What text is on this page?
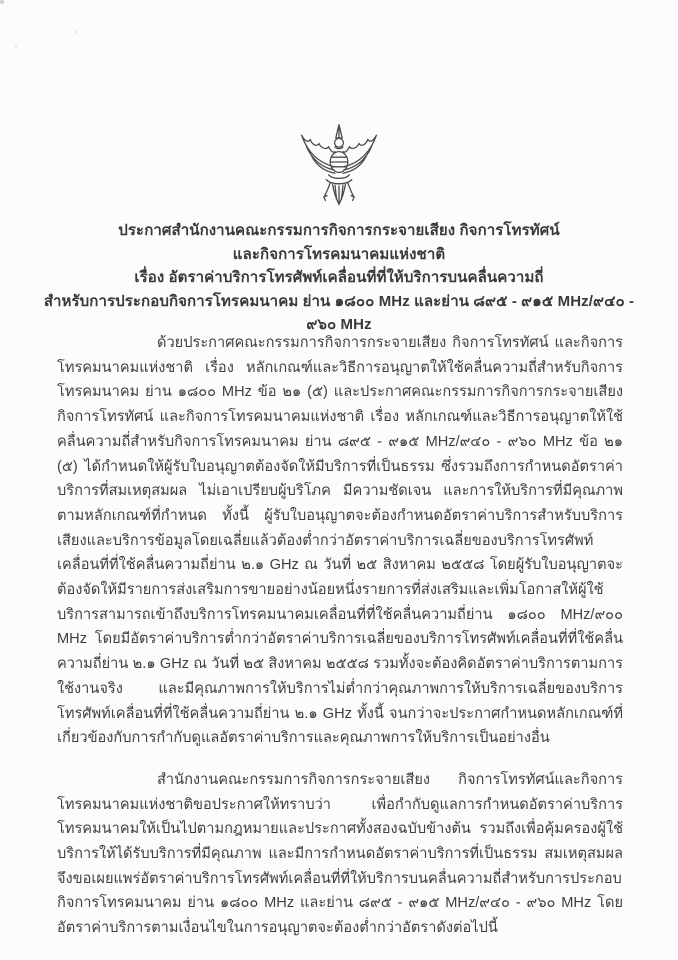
ประกาศสำนักงานคณะกรรมการกิจการกระจายเสียง กิจการโทรทัศน์
และกิจการโทรคมนาคมแห่งชาติ
เรื่อง อัตราค่าบริการโทรศัพท์เคลื่อนที่ที่ให้บริการบนคลื่นความถี่
สำหรับการประกอบกิจการโทรคมนาคม ย่าน ๑๘๐๐ MHz และย่าน ๘๙๕ - ๙๑๕ MHz/๙๔๐ - ๙๖๐ MHz

ด้วยประกาศคณะกรรมการกิจการกระจายเสียง กิจการโทรทัศน์ และกิจการโทรคมนาคมแห่งชาติ เรื่อง หลักเกณฑ์และวิธีการอนุญาตให้ใช้คลื่นความถี่สำหรับกิจการโทรคมนาคม ย่าน ๑๘๐๐ MHz ข้อ ๒๑ (๕) และประกาศคณะกรรมการกิจการกระจายเสียง กิจการโทรทัศน์ และกิจการโทรคมนาคมแห่งชาติ เรื่อง หลักเกณฑ์และวิธีการอนุญาตให้ใช้คลื่นความถี่สำหรับกิจการโทรคมนาคม ย่าน ๘๙๕ - ๙๑๕ MHz/๙๔๐ - ๙๖๐ MHz ข้อ ๒๑ (๕) ได้กำหนดให้ผู้รับใบอนุญาตต้องจัดให้มีบริการที่เป็นธรรม ซึ่งรวมถึงการกำหนดอัตราค่าบริการที่สมเหตุสมผล ไม่เอาเปรียบผู้บริโภค มีความชัดเจน และการให้บริการที่มีคุณภาพตามหลักเกณฑ์ที่กำหนด ทั้งนี้ ผู้รับใบอนุญาตจะต้องกำหนดอัตราค่าบริการสำหรับบริการเสียงและบริการข้อมูลโดยเฉลี่ยแล้วต้องต่ำกว่าอัตราค่าบริการเฉลี่ยของบริการโทรศัพท์เคลื่อนที่ที่ใช้คลื่นความถี่ย่าน ๒.๑ GHz ณ วันที่ ๒๕ สิงหาคม ๒๕๕๘ โดยผู้รับใบอนุญาตจะต้องจัดให้มีรายการส่งเสริมการขายอย่างน้อยหนึ่งรายการที่ส่งเสริมและเพิ่มโอกาสให้ผู้ใช้บริการสามารถเข้าถึงบริการโทรคมนาคมเคลื่อนที่ที่ใช้คลื่นความถี่ย่าน ๑๘๐๐ MHz/๙๐๐ MHz โดยมีอัตราค่าบริการต่ำกว่าอัตราค่าบริการเฉลี่ยของบริการโทรศัพท์เคลื่อนที่ที่ใช้คลื่นความถี่ย่าน ๒.๑ GHz ณ วันที่ ๒๕ สิงหาคม ๒๕๕๘ รวมทั้งจะต้องคิดอัตราค่าบริการตามการใช้งานจริง และมีคุณภาพการให้บริการไม่ต่ำกว่าคุณภาพการให้บริการเฉลี่ยของบริการโทรศัพท์เคลื่อนที่ที่ใช้คลื่นความถี่ย่าน ๒.๑ GHz ทั้งนี้ จนกว่าจะประกาศกำหนดหลักเกณฑ์ที่เกี่ยวข้องกับการกำกับดูแลอัตราค่าบริการและคุณภาพการให้บริการเป็นอย่างอื่น

สำนักงานคณะกรรมการกิจการกระจายเสียง กิจการโทรทัศน์และกิจการโทรคมนาคมแห่งชาติขอประกาศให้ทราบว่า เพื่อกำกับดูแลการกำหนดอัตราค่าบริการโทรคมนาคมให้เป็นไปตามกฎหมายและประกาศทั้งสองฉบับข้างต้น รวมถึงเพื่อคุ้มครองผู้ใช้บริการให้ได้รับบริการที่มีคุณภาพ และมีการกำหนดอัตราค่าบริการที่เป็นธรรม สมเหตุสมผล จึงขอเผยแพร่อัตราค่าบริการโทรศัพท์เคลื่อนที่ที่ให้บริการบนคลื่นความถี่สำหรับการประกอบกิจการโทรคมนาคม ย่าน ๑๘๐๐ MHz และย่าน ๘๙๕ - ๙๑๕ MHz/๙๔๐ - ๙๖๐ MHz โดยอัตราค่าบริการตามเงื่อนไขในการอนุญาตจะต้องต่ำกว่าอัตราดังต่อไปนี้
